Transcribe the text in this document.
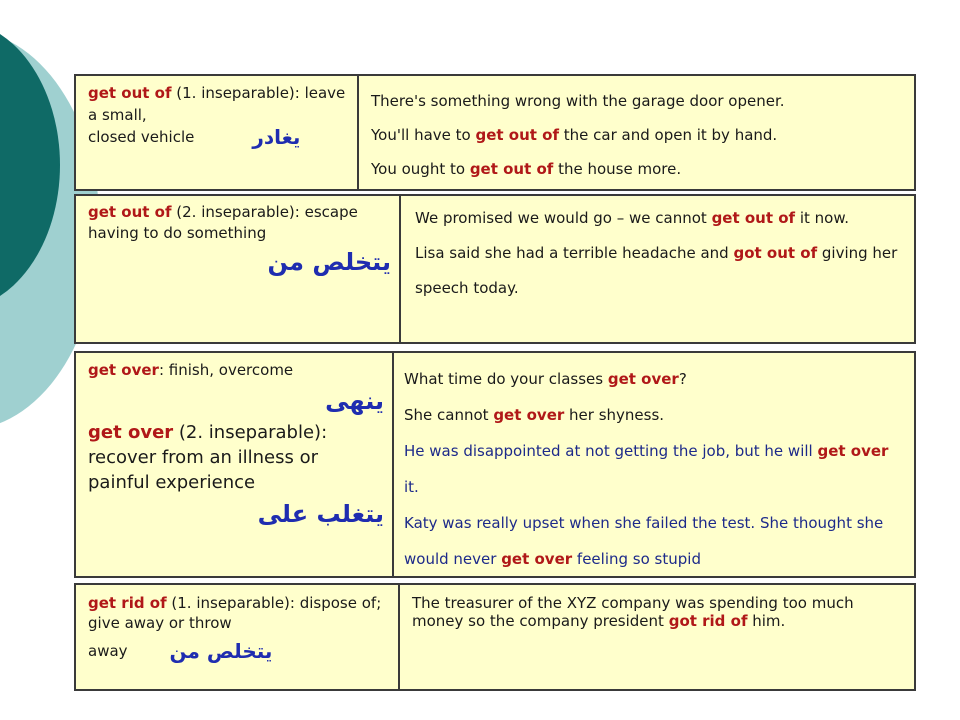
get out of (1. inseparable): leave a small,
closed vehicle	يغادر
There's something wrong with the garage door opener.
You'll have to get out of the car and open it by hand.
You ought to get out of the house more.
get out of (2. inseparable): escape having to do something
يتخلص من
We promised we would go – we cannot get out of it now.
Lisa said she had a terrible headache and got out of giving her speech today.
get over: finish, overcome
ينهى
get over (2. inseparable): recover from an illness or painful experience
يتغلب على
What time do your classes get over?
She cannot get over her shyness.
He was disappointed at not getting the job, but he will get over it.
Katy was really upset when she failed the test. She thought she would never get over feeling so stupid
get rid of (1. inseparable): dispose of; give away or throw
away يتخلص من
The treasurer of the XYZ company was spending too much money so the company president got rid of him.
